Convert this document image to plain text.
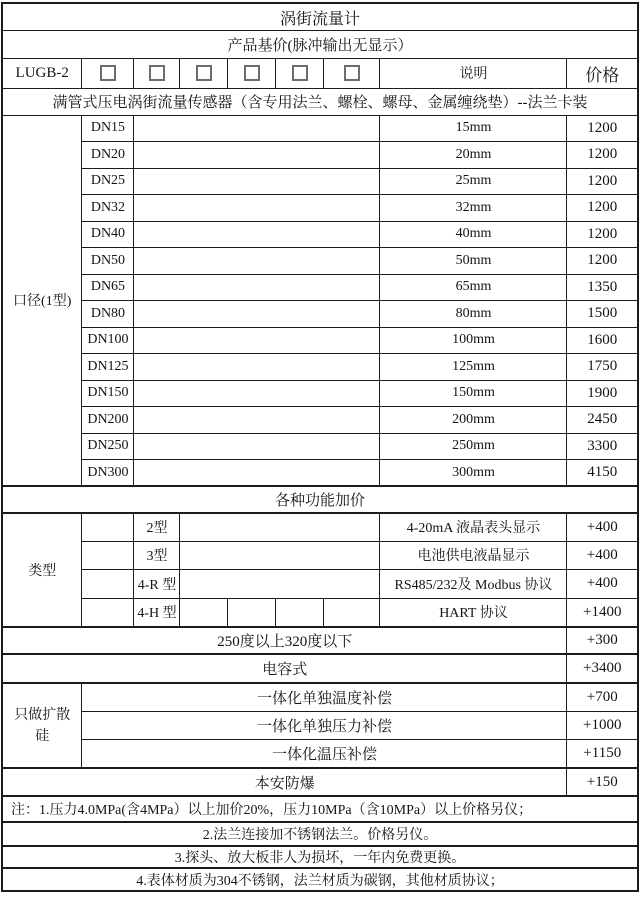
涡街流量计								
产品基价(脉冲输出无显示）								
LUGB-2							说明	价格
满管式压电涡街流量传感器（含专用法兰、螺栓、螺母、金属缠绕垫）--法兰卡装								
口径(1型)	DN15						15mm	1200
	DN20						20mm	1200
	DN25						25mm	1200
	DN32						32mm	1200
	DN40						40mm	1200
	DN50						50mm	1200
	DN65						65mm	1350
	DN80						80mm	1500
	DN100						100mm	1600
	DN125						125mm	1750
	DN150						150mm	1900
	DN200						200mm	2450
	DN250						250mm	3300
	DN300						300mm	4150
各种功能加价								
类型		2型					4-20mA 液晶表头显示	+400
		3型					电池供电液晶显示	+400
		4-R 型					RS485/232及 Modbus 协议	+400
		4-H 型					HART 协议	+1400
250度以上320度以下								+300
电容式								+3400
只做扩散硅	一体化单独温度补偿							+700
	一体化单独压力补偿							+1000
	一体化温压补偿							+1150
本安防爆								+150
注：1.压力4.0MPa(含4MPa）以上加价20%，压力10MPa（含10MPa）以上价格另仪；								
2.法兰连接加不锈钢法兰。价格另仪。								
3.探头、放大板非人为损坏，一年内免费更换。								
4.表体材质为304不锈钢，法兰材质为碳钢，其他材质协议；								
